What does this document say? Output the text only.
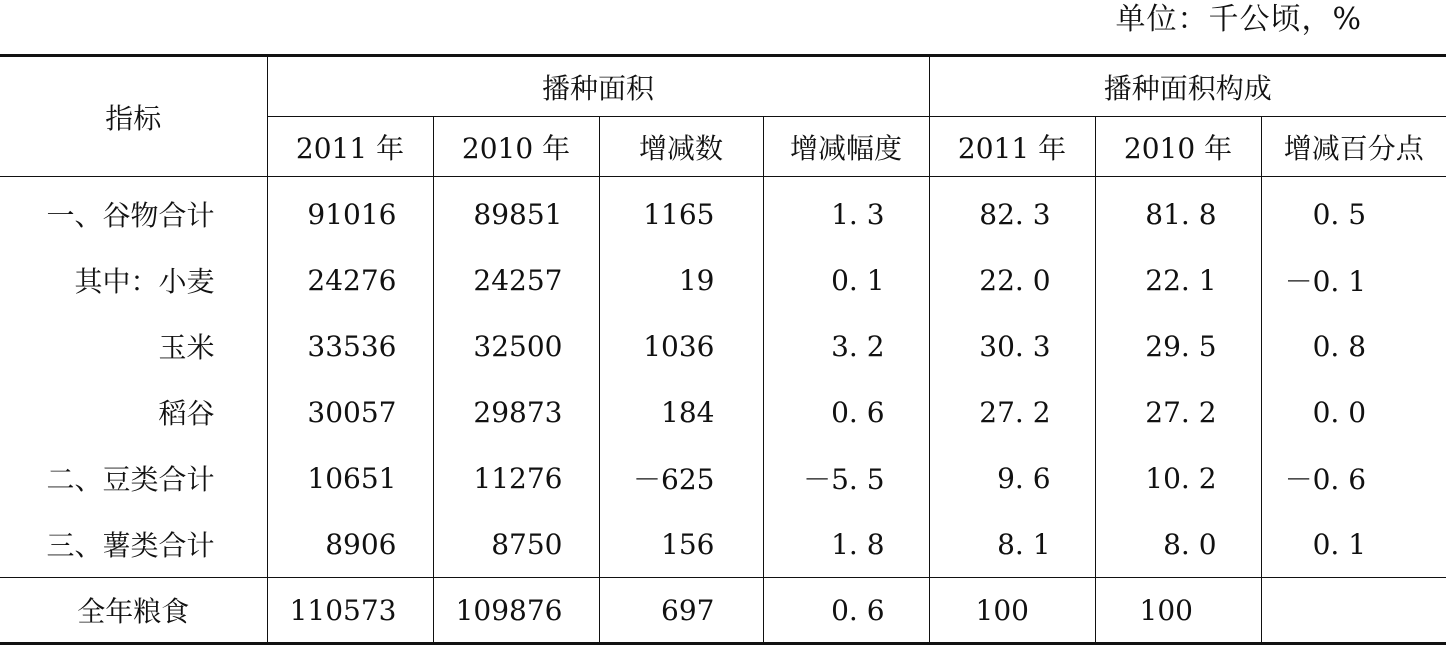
单位：千公顷，%
指标	播种面积				播种面积构成		
	2011 年	2010 年	增减数	增减幅度	2011 年	2010 年	增减百分点
一、谷物合计	91016	89851	1165	1. 3	82. 3	81. 8	0. 5
其中：小麦	24276	24257	19	0. 1	22. 0	22. 1	－0. 1
玉米	33536	32500	1036	3. 2	30. 3	29. 5	0. 8
稻谷	30057	29873	184	0. 6	27. 2	27. 2	0. 0
二、豆类合计	10651	11276	－625	－5. 5	9. 6	10. 2	－0. 6
三、薯类合计	8906	8750	156	1. 8	8. 1	8. 0	0. 1
全年粮食	110573	109876	697	0. 6	100	100	
